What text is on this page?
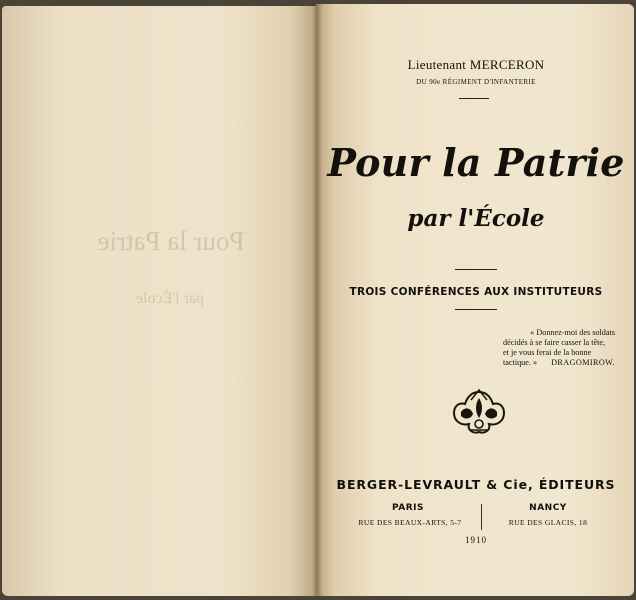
Pour la Patrie
par l'École
Lieutenant MERCERON
DU 90e RÉGIMENT D'INFANTERIE
Pour la Patrie
par l'École
TROIS CONFÉRENCES AUX INSTITUTEURS
« Donnez-moi des soldats
décidés à se faire casser la tête,
et je vous ferai de la bonne
tactique. » DRAGOMIROW.
BERGER-LEVRAULT & Cie, ÉDITEURS
PARIS
RUE DES BEAUX-ARTS, 5-7
NANCY
RUE DES GLACIS, 18
1910
